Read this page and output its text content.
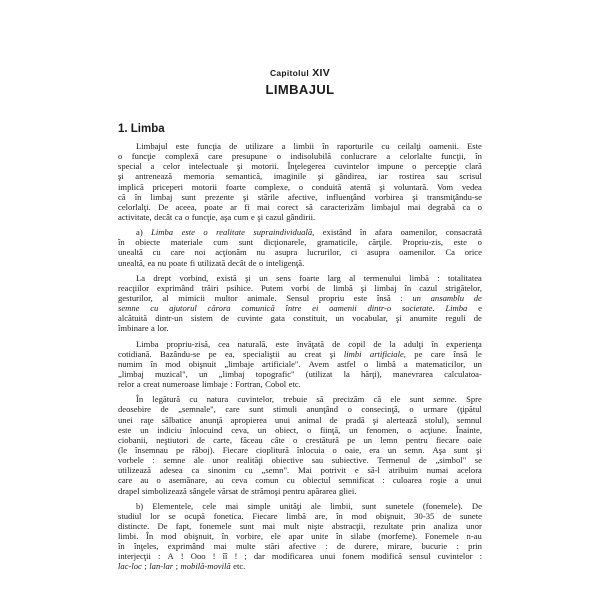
Capitolul XIV
LIMBAJUL
1. Limba
Limbajul este funcţia de utilizare a limbii în raporturile cu ceilalţi oamenii. Este
o funcţie complexă care presupune o indisolubilă conlucrare a celorlalte funcţii, în
special a celor intelectuale şi motorii. Înţelegerea cuvintelor impune o percepţie clară
şi antrenează memoria semantică, imaginile şi gândirea, iar rostirea sau scrisul
implică priceperi motorii foarte complexe, o conduită atentă şi voluntară. Vom vedea
că în limbaj sunt prezente şi stările afective, influenţând vorbirea şi transmiţându-se
celorlalţi. De aceea, poate ar fi mai corect să caracterizăm limbajul mai degrabă ca o
activitate, decât ca o funcţie, aşa cum e şi cazul gândirii.
a) Limba este o realitate supraindividuală, existând în afara oamenilor, consacrată
în obiecte materiale cum sunt dicţionarele, gramaticile, cărţile. Propriu-zis, este o
unealtă cu care noi acţionăm nu asupra lucrurilor, ci asupra oamenilor. Ca orice
unealtă, ea nu poate fi utilizată decât de o inteligenţă.
La drept vorbind, există şi un sens foarte larg al termenului limbă : totalitatea
reacţiilor exprimând trăiri psihice. Putem vorbi de limbă şi limbaj în cazul strigătelor,
gesturilor, al mimicii multor animale. Sensul propriu este însă : un ansamblu de
semne cu ajutorul cărora comunică între ei oamenii dintr-o societate. Limba e
alcătuită dintr-un sistem de cuvinte gata constituit, un vocabular, şi anumite reguli de
îmbinare a lor.
Limba propriu-zisă, cea naturală, este învăţată de copil de la adulţi în experienţa
cotidiană. Bazându-se pe ea, specialiştii au creat şi limbi artificiale, pe care însă le
numim în mod obişnuit „limbaje artificiale". Avem astfel o limbă a matematicilor, un
„limbaj muzical", un „limbaj topografic" (utilizat la hărţi), manevrarea calculatoa-
relor a creat numeroase limbaje : Fortran, Cobol etc.
În legătură cu natura cuvintelor, trebuie să precizăm că ele sunt semne. Spre
deosebire de „semnale", care sunt stimuli anunţând o consecinţă, o urmare (ţipătul
unei raţe sălbatice anunţă apropierea unui animal de pradă şi alertează stolul), semnul
este un indiciu înlocuind ceva, un obiect, o fiinţă, un fenomen, o acţiune. Înainte,
ciobanii, neştiutori de carte, făceau câte o crestătură pe un lemn pentru fiecare oaie
(le însemnau pe răboj). Fiecare cioplitură înlocuia o oaie, era un semn. Aşa sunt şi
vorbele : semne ale unor realităţi obiective sau subiective. Termenul de „simbol" se
utilizează adesea ca sinonim cu „semn". Mai potrivit e să-l atribuim numai acelora
care au o asemănare, au ceva comun cu obiectul semnificat : culoarea roşie a unui
drapel simbolizează sângele vărsat de strămoşi pentru apărarea gliei.
b) Elementele, cele mai simple unităţi ale limbii, sunt sunetele (fonemele). De
studiul lor se ocupă fonetica. Fiecare limbă are, în mod obişnuit, 30-35 de sunete
distincte. De fapt, fonemele sunt mai mult nişte abstracţii, rezultate prin analiza unor
limbi. În mod obişnuit, în vorbire, ele apar unite în silabe (morfeme). Fonemele n-au
în înţeles, exprimând mai multe stări afective : de durere, mirare, bucurie : prin
interjecţii : A ! Ooo ! îî ! ; dar modificarea unui fonem modifică sensul cuvintelor :
lac-loc ; lan-lar ; mobilă-movilă etc.
